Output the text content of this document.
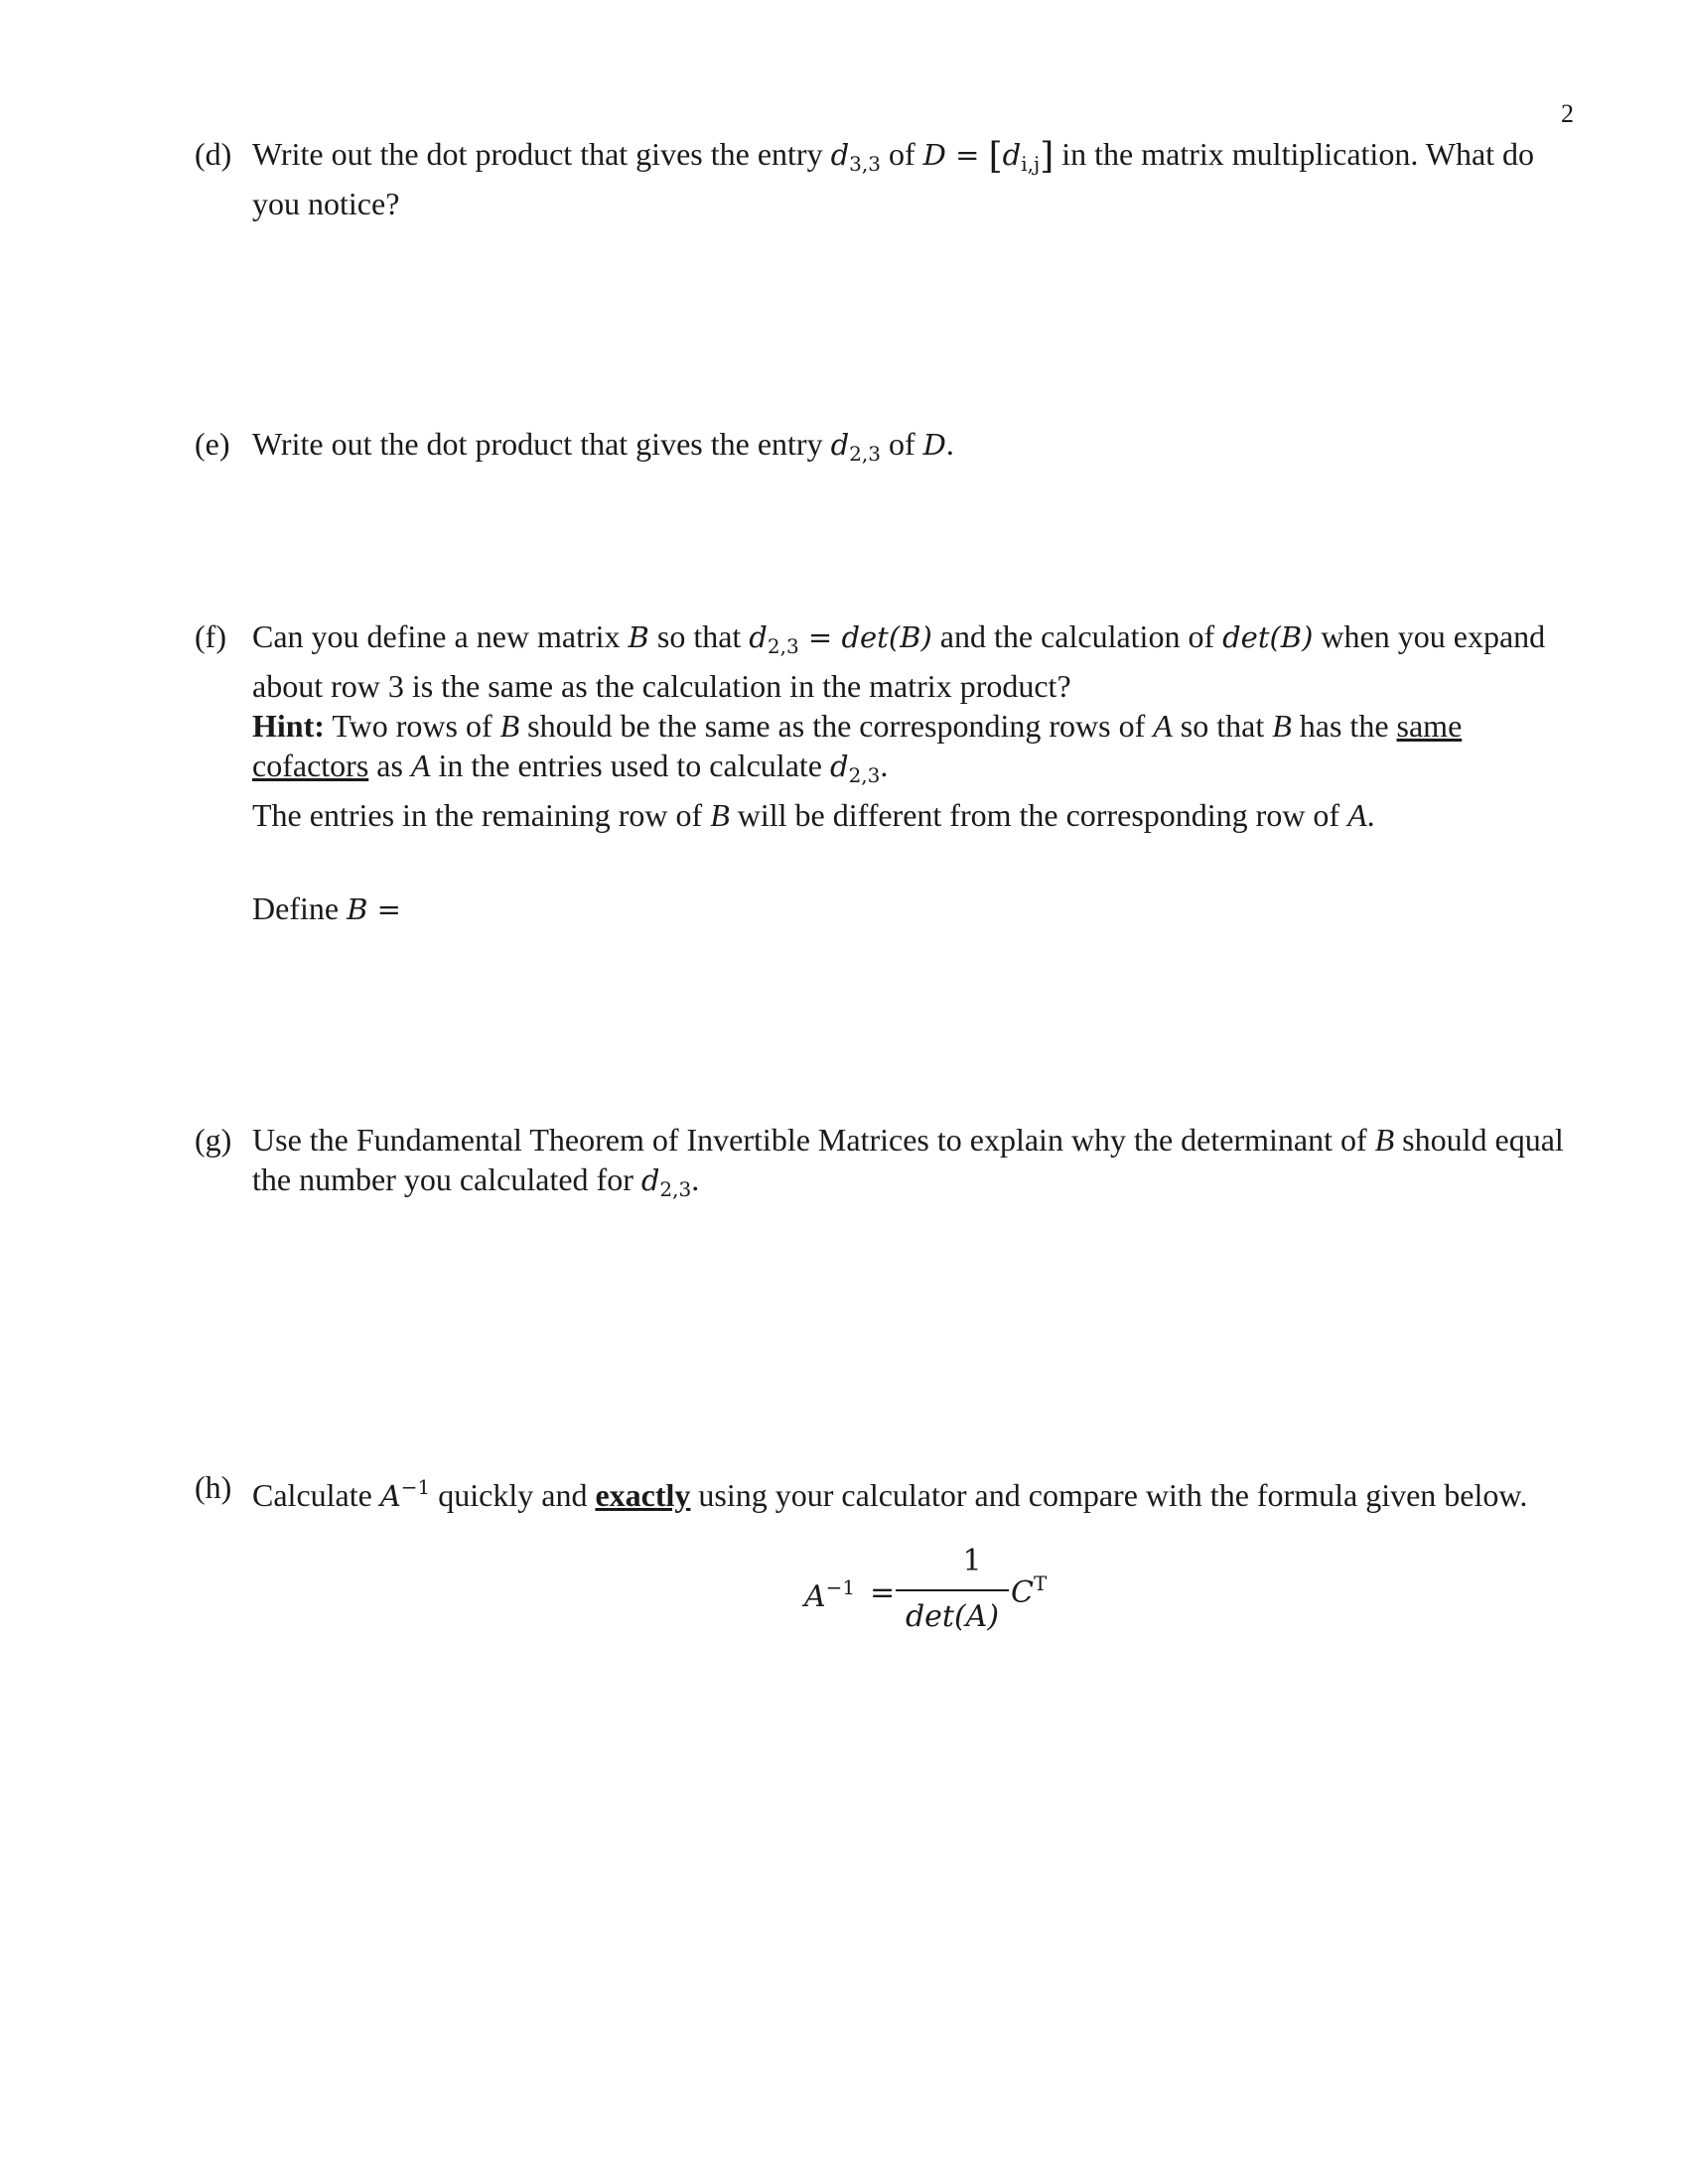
2
(d) Write out the dot product that gives the entry $d_{3,3}$ of $D = [d_{i,j}]$ in the matrix multiplication. What do you notice?
(e) Write out the dot product that gives the entry $d_{2,3}$ of D.
(f) Can you define a new matrix B so that $d_{2,3} = \det(B)$ and the calculation of det(B) when you expand about row 3 is the same as the calculation in the matrix product?
Hint: Two rows of B should be the same as the corresponding rows of A so that B has the same cofactors as A in the entries used to calculate $d_{2,3}$.
The entries in the remaining row of B will be different from the corresponding row of A.
Define B =
(g) Use the Fundamental Theorem of Invertible Matrices to explain why the determinant of B should equal the number you calculated for $d_{2,3}$.
(h) Calculate $A^{-1}$ quickly and exactly using your calculator and compare with the formula given below.
$A^{-1}$ =
1
det(A)
$C^T$
